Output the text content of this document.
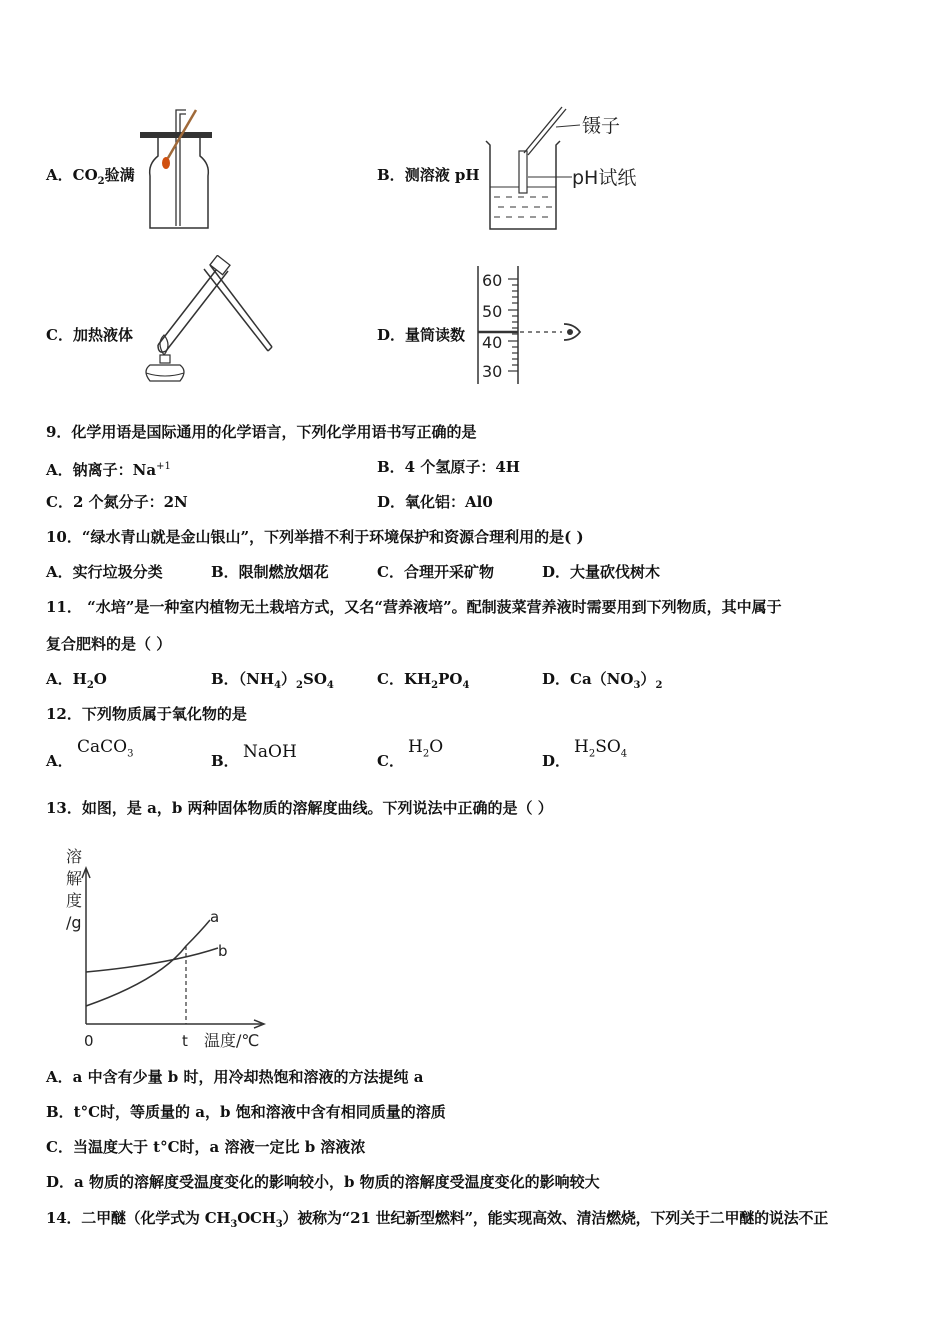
A．$CO_2$验满	B．测溶液 pH
镊子
pH试纸
C．加热液体	D．量筒读数
60
50
40
30
9．化学用语是国际通用的化学语言，下列化学用语书写正确的是
A．钠离子：$Na^{+1}$	B．4 个氢原子：4H
C．2 个氮分子：2N	D．氧化铝：Al0
10．“绿水青山就是金山银山”，下列举措不利于环境保护和资源合理利用的是( )
A．实行垃圾分类	B．限制燃放烟花	C．合理开采矿物	D．大量砍伐树木
11． “水培”是一种室内植物无土栽培方式，又名“营养液培”。配制菠菜营养液时需要用到下列物质，其中属于
复合肥料的是（ ）
A．$H_2O$	B．$(NH_4)_2SO_4$	C．$KH_2PO_4$	D．$Ca(NO_3)_2$
12．下列物质属于氧化物的是
A．
CaCO$_3$	B． NaOH	C．
$H_2O$
D．
$H_2SO_4$
13．如图，是 a，b 两种固体物质的溶解度曲线。下列说法中正确的是（ ）
溶
解
度
/g	a
b
0	t 温度/℃
A．a 中含有少量 b 时，用冷却热饱和溶液的方法提纯 a
B．t°C时，等质量的 a，b 饱和溶液中含有相同质量的溶质
C．当温度大于 t°C时，a 溶液一定比 b 溶液浓
D．a 物质的溶解度受温度变化的影响较小，b 物质的溶解度受温度变化的影响较大
14．二甲醚（化学式为 $CH_3OCH_3$）被称为“21 世纪新型燃料”，能实现高效、清洁燃烧，下列关于二甲醚的说法不正
